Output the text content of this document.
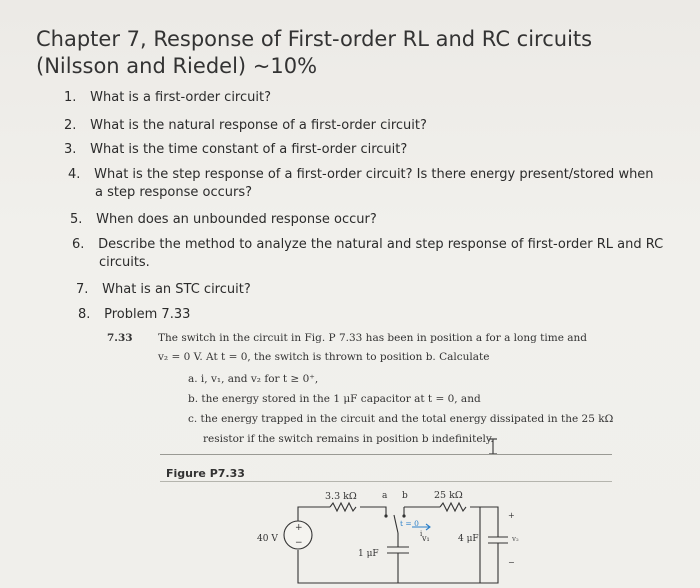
Chapter 7, Response of First-order RL and RC circuits (Nilsson and Riedel) ~10%
1. What is a first-order circuit?
2. What is the natural response of a first-order circuit?
3. What is the time constant of a first-order circuit?
4. What is the step response of a first-order circuit? Is there energy present/stored when
a step response occurs?
5. When does an unbounded response occur?
6. Describe the method to analyze the natural and step response of first-order RL and RC
circuits.
7. What is an STC circuit?
8. Problem 7.33
7.33 The switch in the circuit in Fig. P 7.33 has been in position a for a long time and
v₂ = 0 V. At t = 0, the switch is thrown to position b. Calculate
a. i, v₁, and v₂ for t ≥ 0⁺,
b. the energy stored in the 1 μF capacitor at t = 0, and
c. the energy trapped in the circuit and the total energy dissipated in the 25 kΩ
resistor if the switch remains in position b indefinitely.
Figure P7.33
+
−
3.3 kΩ	25 kΩ
a b
40 V
1 μF
4 μF
t = 0
v₁	v₂
i
+
−
